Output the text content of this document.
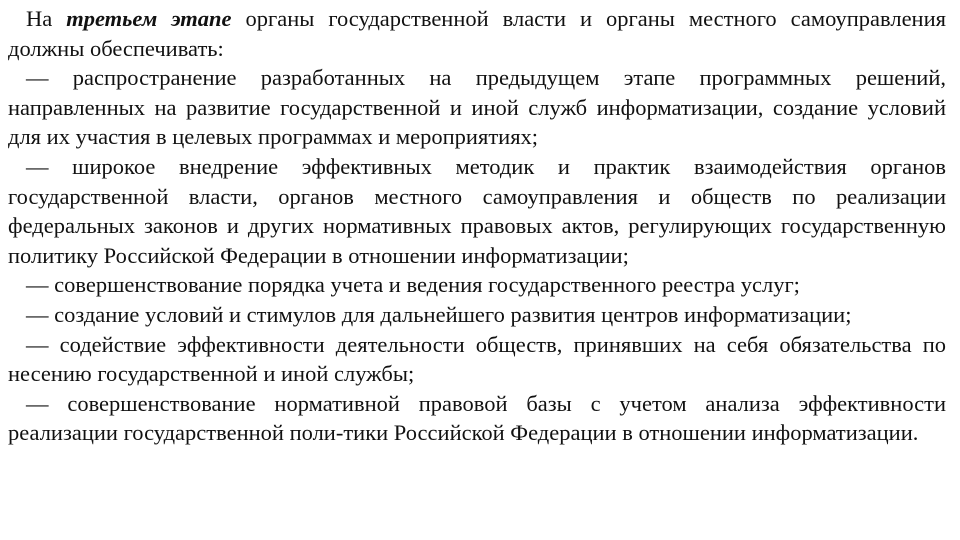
На третьем этапе органы государственной власти и органы местного самоуправления должны обеспечивать:

— распространение разработанных на предыдущем этапе программных решений, направленных на развитие государственной и иной служб информатизации, создание условий для их участия в целевых программах и мероприятиях;

— широкое внедрение эффективных методик и практик взаимодействия органов государственной власти, органов местного самоуправления и обществ по реализации федеральных законов и других нормативных правовых актов, регулирующих государственную политику Российской Федерации в отношении информатизации;

— совершенствование порядка учета и ведения государственного реестра услуг;

— создание условий и стимулов для дальнейшего развития центров информатизации;

— содействие эффективности деятельности обществ, принявших на себя обязательства по несению государственной и иной службы;

— совершенствование нормативной правовой базы с учетом анализа эффективности реализации государственной поли-тики Российской Федерации в отношении информатизации.
